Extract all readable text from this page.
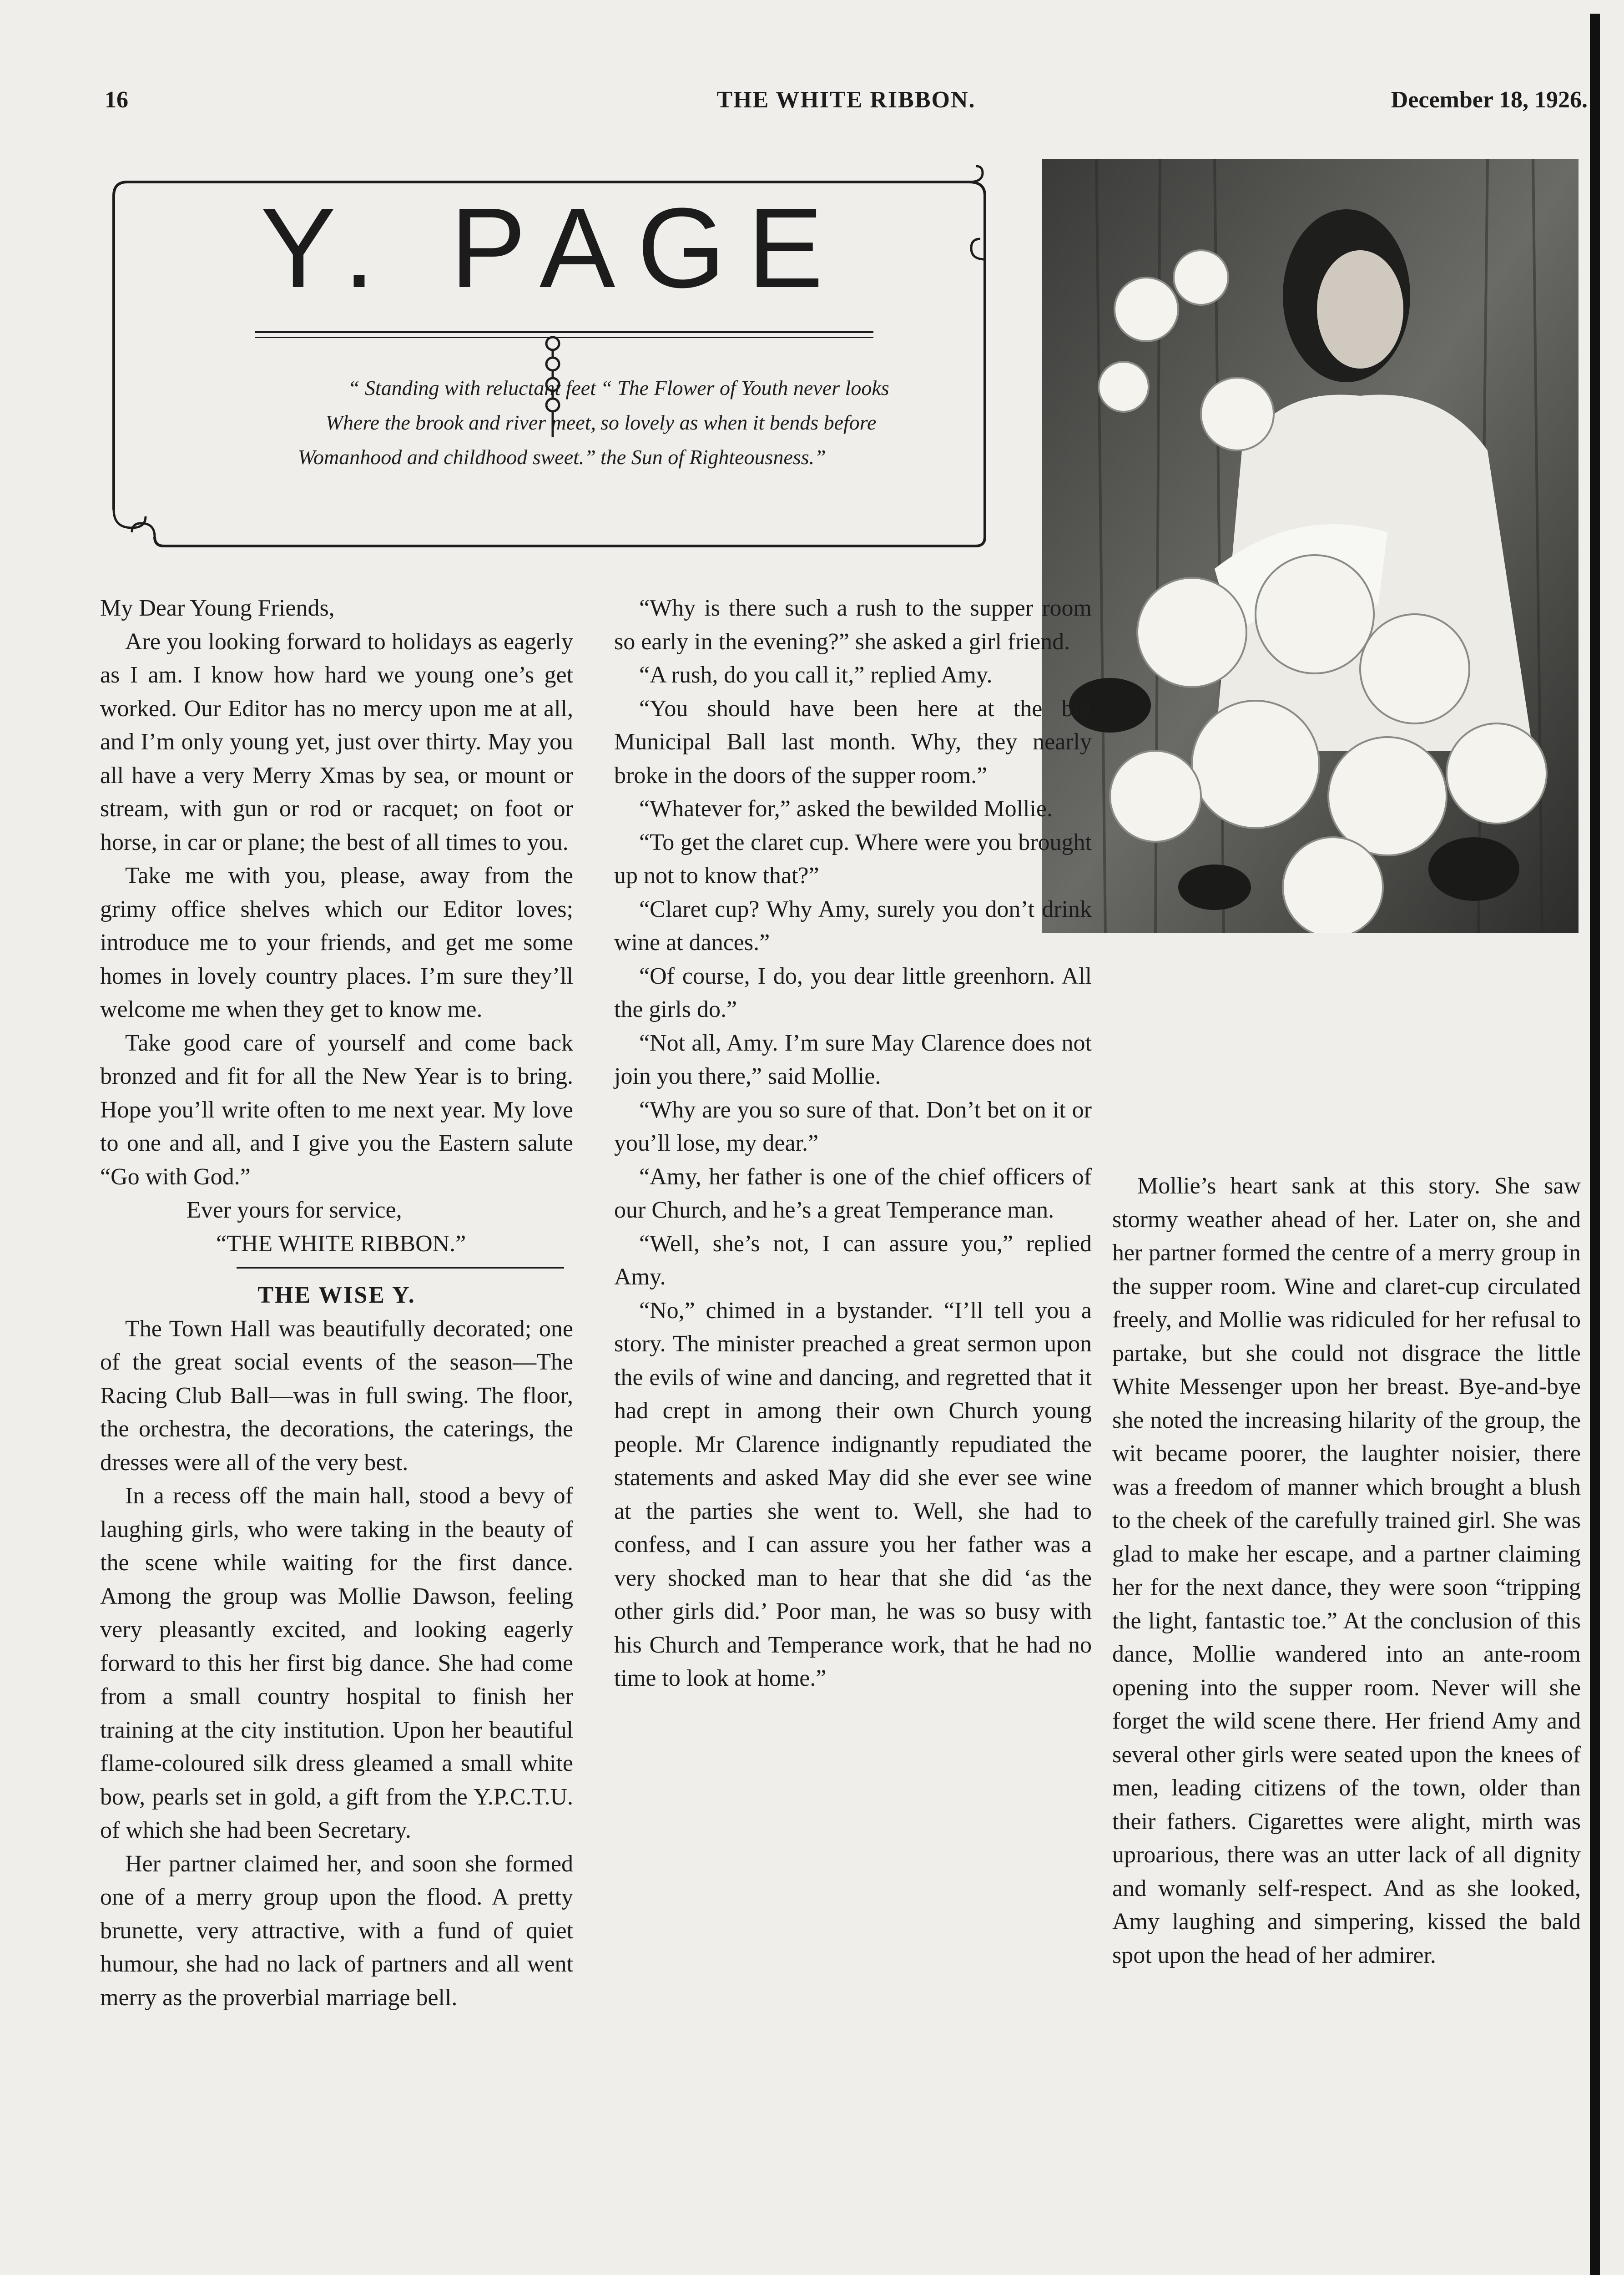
16	THE WHITE RIBBON.	December 18, 1926.
Y. PAGE
“ Standing with reluctant feet
Where the brook and river meet,
Womanhood and childhood sweet.”
“ The Flower of Youth never looks
so lovely as when it bends before
the Sun of Righteousness.”

My Dear Young Friends,

Are you looking forward to holidays as eagerly as I am. I know how hard we young one’s get worked. Our Editor has no mercy upon me at all, and I’m only young yet, just over thirty. May you all have a very Merry Xmas by sea, or mount or stream, with gun or rod or racquet; on foot or horse, in car or plane; the best of all times to you.

Take me with you, please, away from the grimy office shelves which our Editor loves; introduce me to your friends, and get me some homes in lovely country places. I’m sure they’ll welcome me when they get to know me.

Take good care of yourself and come back bronzed and fit for all the New Year is to bring. Hope you’ll write often to me next year. My love to one and all, and I give you the Eastern salute “Go with God.”

Ever yours for service,

“THE WHITE RIBBON.”

THE WISE Y.

The Town Hall was beautifully decorated; one of the great social events of the season—The Racing Club Ball—was in full swing. The floor, the orchestra, the decorations, the caterings, the dresses were all of the very best.

In a recess off the main hall, stood a bevy of laughing girls, who were taking in the beauty of the scene while waiting for the first dance. Among the group was Mollie Dawson, feeling very pleasantly excited, and looking eagerly forward to this her first big dance. She had come from a small country hospital to finish her training at the city institution. Upon her beautiful flame-coloured silk dress gleamed a small white bow, pearls set in gold, a gift from the Y.P.C.T.U. of which she had been Secretary.

Her partner claimed her, and soon she formed one of a merry group upon the flood. A pretty brunette, very attractive, with a fund of quiet humour, she had no lack of partners and all went merry as the proverbial marriage bell.

“Why is there such a rush to the supper room so early in the evening?” she asked a girl friend.

“A rush, do you call it,” replied Amy.

“You should have been here at the big Municipal Ball last month. Why, they nearly broke in the doors of the supper room.”

“Whatever for,” asked the bewilded Mollie.

“To get the claret cup. Where were you brought up not to know that?”

“Claret cup? Why Amy, surely you don’t drink wine at dances.”

“Of course, I do, you dear little greenhorn. All the girls do.”

“Not all, Amy. I’m sure May Clarence does not join you there,” said Mollie.

“Why are you so sure of that. Don’t bet on it or you’ll lose, my dear.”

“Amy, her father is one of the chief officers of our Church, and he’s a great Temperance man.

“Well, she’s not, I can assure you,” replied Amy.

“No,” chimed in a bystander. “I’ll tell you a story. The minister preached a great sermon upon the evils of wine and dancing, and regretted that it had crept in among their own Church young people. Mr Clarence indignantly repudiated the statements and asked May did she ever see wine at the parties she went to. Well, she had to confess, and I can assure you her father was a very shocked man to hear that she did ‘as the other girls did.’ Poor man, he was so busy with his Church and Temperance work, that he had no time to look at home.”

Mollie’s heart sank at this story. She saw stormy weather ahead of her. Later on, she and her partner formed the centre of a merry group in the supper room. Wine and claret-cup circulated freely, and Mollie was ridiculed for her refusal to partake, but she could not disgrace the little White Messenger upon her breast. Bye-and-bye she noted the increasing hilarity of the group, the wit became poorer, the laughter noisier, there was a freedom of manner which brought a blush to the cheek of the carefully trained girl. She was glad to make her escape, and a partner claiming her for the next dance, they were soon “tripping the light, fantastic toe.” At the conclusion of this dance, Mollie wandered into an ante-room opening into the supper room. Never will she forget the wild scene there. Her friend Amy and several other girls were seated upon the knees of men, leading citizens of the town, older than their fathers. Cigarettes were alight, mirth was uproarious, there was an utter lack of all dignity and womanly self-respect. And as she looked, Amy laughing and simpering, kissed the bald spot upon the head of her admirer.
